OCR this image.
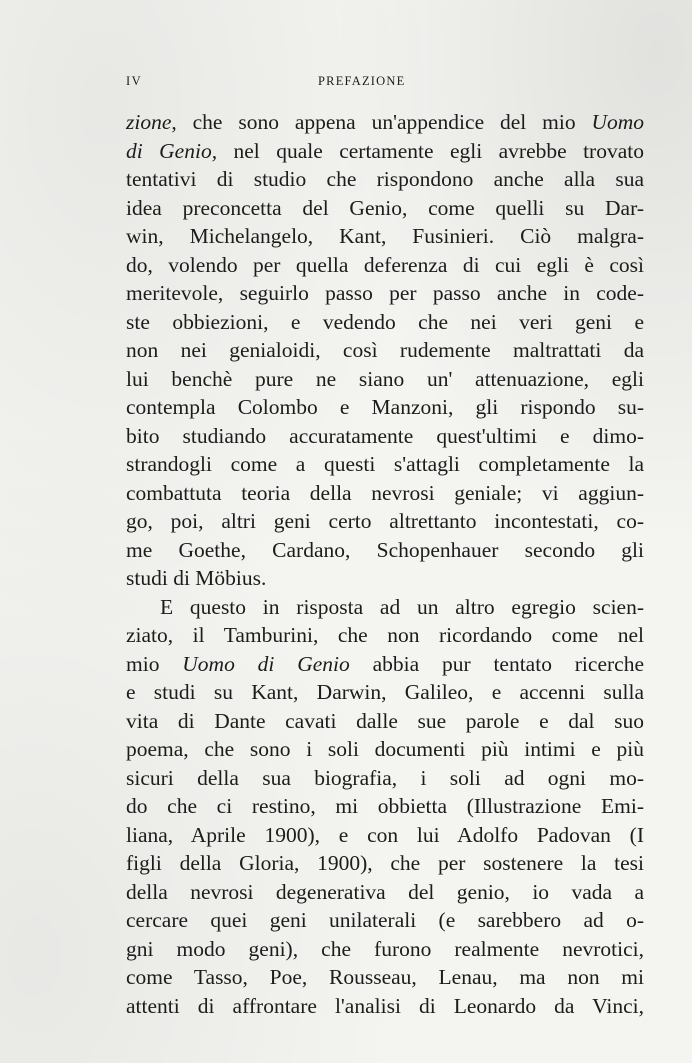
IV	PREFAZIONE
zione, che sono appena un'appendice del mio Uomo
di Genio, nel quale certamente egli avrebbe trovato
tentativi di studio che rispondono anche alla sua
idea preconcetta del Genio, come quelli su Dar-
win, Michelangelo, Kant, Fusinieri. Ciò malgra-
do, volendo per quella deferenza di cui egli è così
meritevole, seguirlo passo per passo anche in code-
ste obbiezioni, e vedendo che nei veri geni e
non nei genialoidi, così rudemente maltrattati da
lui benchè pure ne siano un' attenuazione, egli
contempla Colombo e Manzoni, gli rispondo su-
bito studiando accuratamente quest'ultimi e dimo-
strandogli come a questi s'attagli completamente la
combattuta teoria della nevrosi geniale; vi aggiun-
go, poi, altri geni certo altrettanto incontestati, co-
me Goethe, Cardano, Schopenhauer secondo gli
studi di Möbius.
E questo in risposta ad un altro egregio scien-
ziato, il Tamburini, che non ricordando come nel
mio Uomo di Genio abbia pur tentato ricerche
e studi su Kant, Darwin, Galileo, e accenni sulla
vita di Dante cavati dalle sue parole e dal suo
poema, che sono i soli documenti più intimi e più
sicuri della sua biografia, i soli ad ogni mo-
do che ci restino, mi obbietta (Illustrazione Emi-
liana, Aprile 1900), e con lui Adolfo Padovan (I
figli della Gloria, 1900), che per sostenere la tesi
della nevrosi degenerativa del genio, io vada a
cercare quei geni unilaterali (e sarebbero ad o-
gni modo geni), che furono realmente nevrotici,
come Tasso, Poe, Rousseau, Lenau, ma non mi
attenti di affrontare l'analisi di Leonardo da Vinci,
